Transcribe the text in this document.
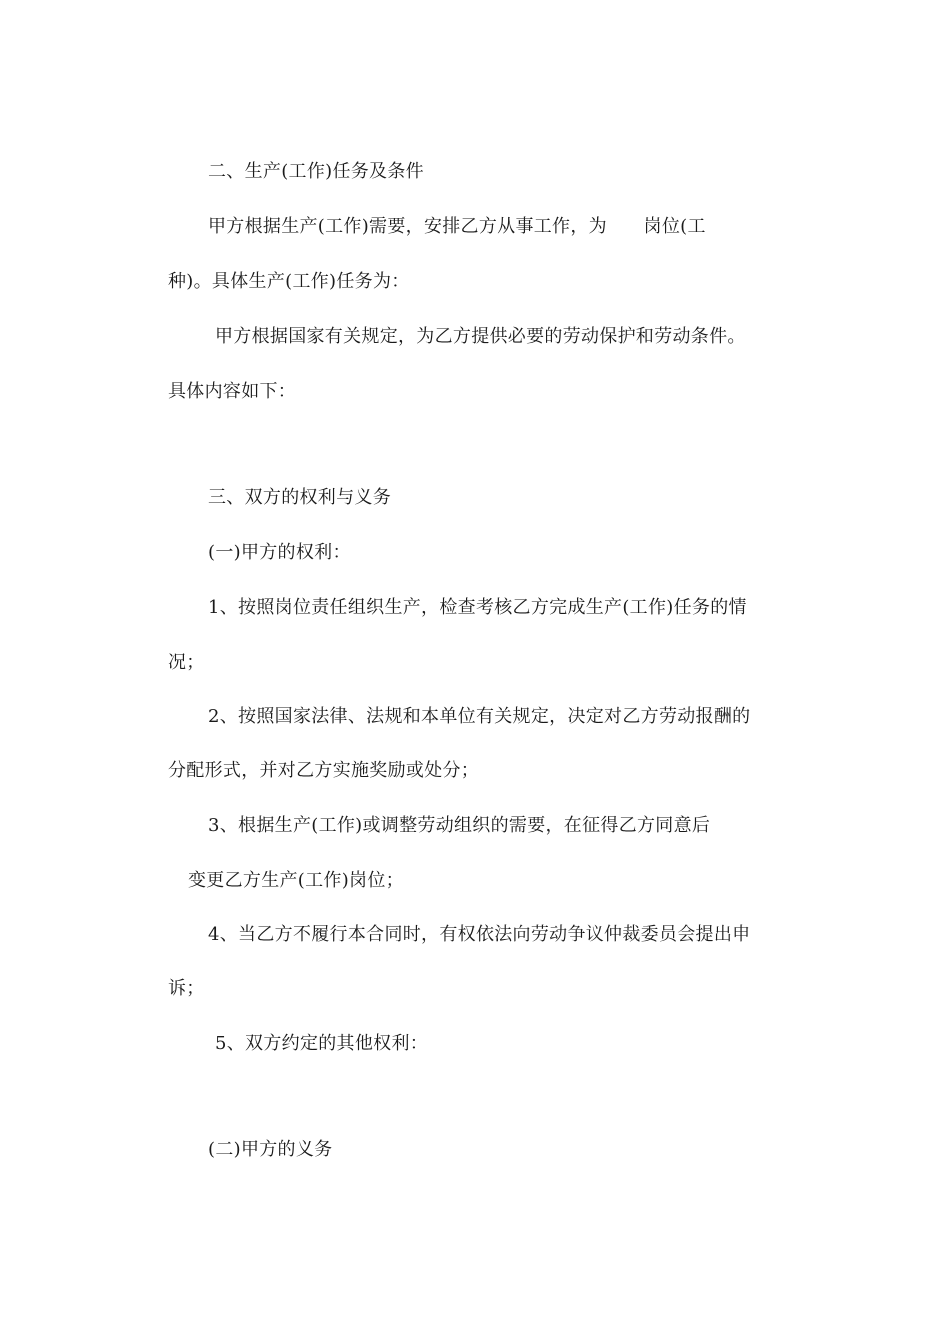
二、生产(工作)任务及条件

甲方根据生产(工作)需要，安排乙方从事工作，为　　岗位(工

种)。具体生产(工作)任务为：

甲方根据国家有关规定，为乙方提供必要的劳动保护和劳动条件。

具体内容如下：

三、双方的权利与义务

(一)甲方的权利：

1、按照岗位责任组织生产，检查考核乙方完成生产(工作)任务的情

况；

2、按照国家法律、法规和本单位有关规定，决定对乙方劳动报酬的

分配形式，并对乙方实施奖励或处分；

3、根据生产(工作)或调整劳动组织的需要，在征得乙方同意后

变更乙方生产(工作)岗位；

4、当乙方不履行本合同时，有权依法向劳动争议仲裁委员会提出申

诉；

5、双方约定的其他权利：

(二)甲方的义务
